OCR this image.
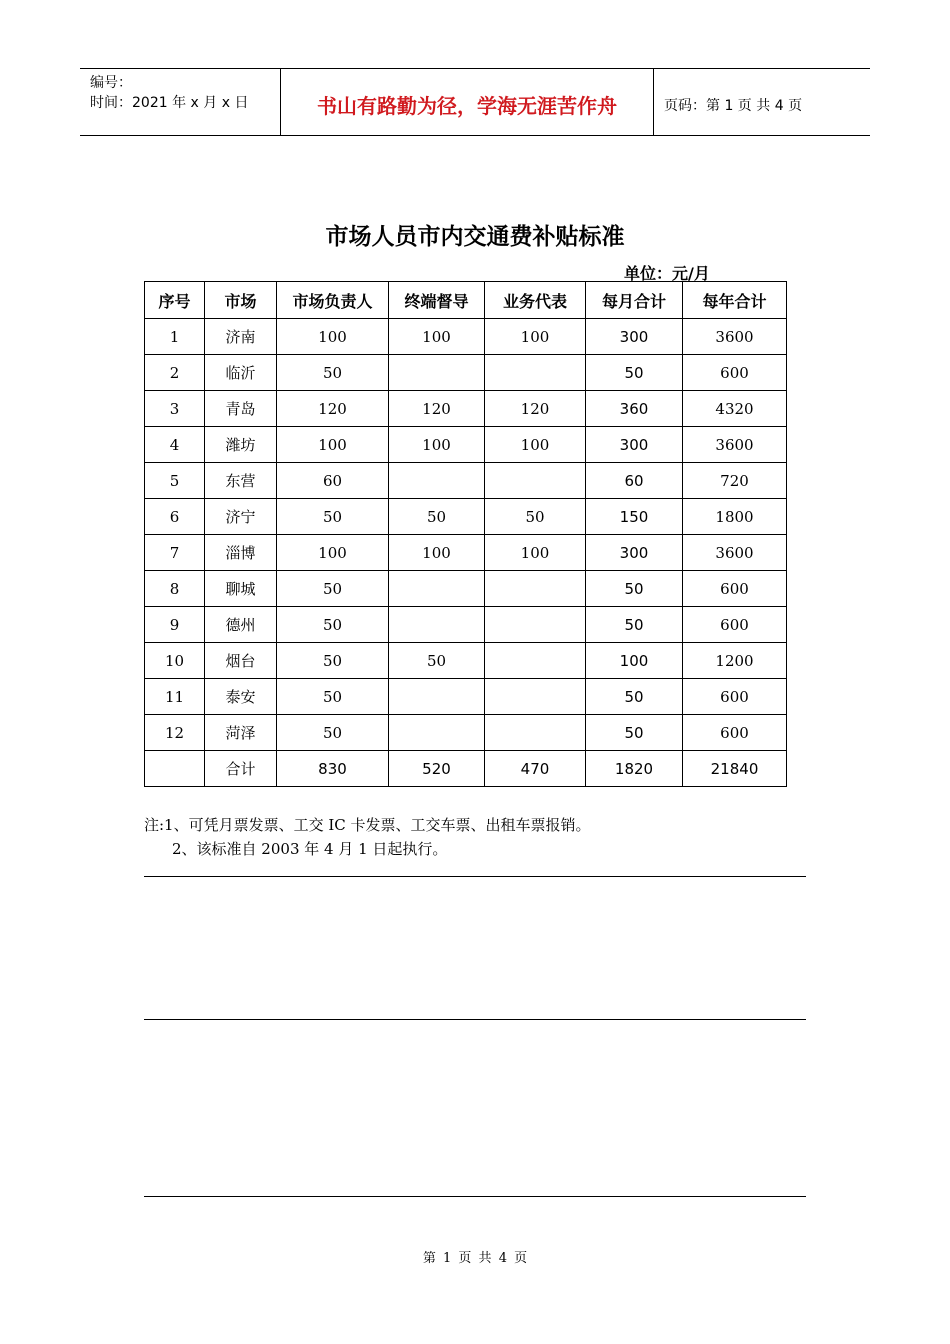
编号：
时间：2021 年 x 月 x 日	书山有路勤为径，学海无涯苦作舟	页码：第 1 页 共 4 页
市场人员市内交通费补贴标准
单位：元/月
序号	市场	市场负责人	终端督导	业务代表	每月合计	每年合计
1	济南	100	100	100	300	3600
2	临沂	50			50	600
3	青岛	120	120	120	360	4320
4	潍坊	100	100	100	300	3600
5	东营	60			60	720
6	济宁	50	50	50	150	1800
7	淄博	100	100	100	300	3600
8	聊城	50			50	600
9	德州	50			50	600
10	烟台	50	50		100	1200
11	泰安	50			50	600
12	菏泽	50			50	600
	合计	830	520	470	1820	21840
注:1、可凭月票发票、工交 IC 卡发票、工交车票、出租车票报销。
2、该标准自 2003 年 4 月 1 日起执行。
第 1 页 共 4 页
